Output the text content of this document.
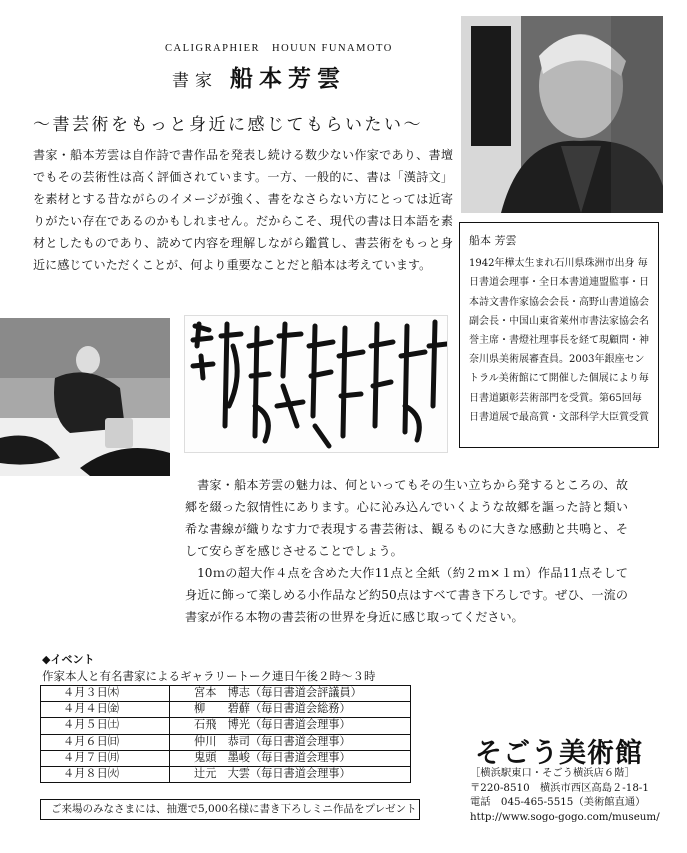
CALIGRAPHIER　HOUUN FUNAMOTO
書家 船本芳雲
〜書芸術をもっと身近に感じてもらいたい〜
書家・船本芳雲は自作詩で書作品を発表し続ける数少ない作家であり、書壇でもその芸術性は高く評価されています。一方、一般的に、書は「漢詩文」を素材とする昔ながらのイメージが強く、書をなさらない方にとっては近寄りがたい存在であるのかもしれません。だからこそ、現代の書は日本語を素材としたものであり、読めて内容を理解しながら鑑賞し、書芸術をもっと身近に感じていただくことが、何より重要なことだと船本は考えています。
船本 芳雲
1942年樺太生まれ石川県珠洲市出身 毎日書道会理事・全日本書道連盟監事・日本詩文書作家協会会長・高野山書道協会副会長・中国山東省萊州市書法家協会名誉主席・書燈社理事長を経て現顧問・神奈川県美術展審査員。2003年銀座セントラル美術館にて開催した個展により毎日書道顕彰芸術部門を受賞。第65回毎日書道展で最高賞・文部科学大臣賞受賞
書家・船本芳雲の魅力は、何といってもその生い立ちから発するところの、故郷を綴った叙情性にあります。心に沁み込んでいくような故郷を謳った詩と類い希な書線が織りなす力で表現する書芸術は、観るものに大きな感動と共鳴と、そして安らぎを感じさせることでしょう。
10ｍの超大作４点を含めた大作11点と全紙（約２ｍ×１ｍ）作品11点そして身近に飾って楽しめる小作品など約50点はすべて書き下ろしです。ぜひ、一流の書家が作る本物の書芸術の世界を身近に感じ取ってください。
◆イベント
作家本人と有名書家によるギャラリートーク連日午後２時〜３時
４月３日㈭	宮本　博志（毎日書道会評議員）
４月４日㈮	柳　　碧蘚（毎日書道会総務）
４月５日㈯	石飛　博光（毎日書道会理事）
４月６日㈰	仲川　恭司（毎日書道会理事）
４月７日㈪	鬼頭　墨峻（毎日書道会理事）
４月８日㈫	辻元　大雲（毎日書道会理事）
ご来場のみなさまには、抽選で5,000名様に書き下ろしミニ作品をプレゼント
そごう美術館
［横浜駅東口・そごう横浜店６階］
〒220-8510　横浜市西区高島２-18-1
電話　045-465-5515（美術館直通）
http://www.sogo-gogo.com/museum/
